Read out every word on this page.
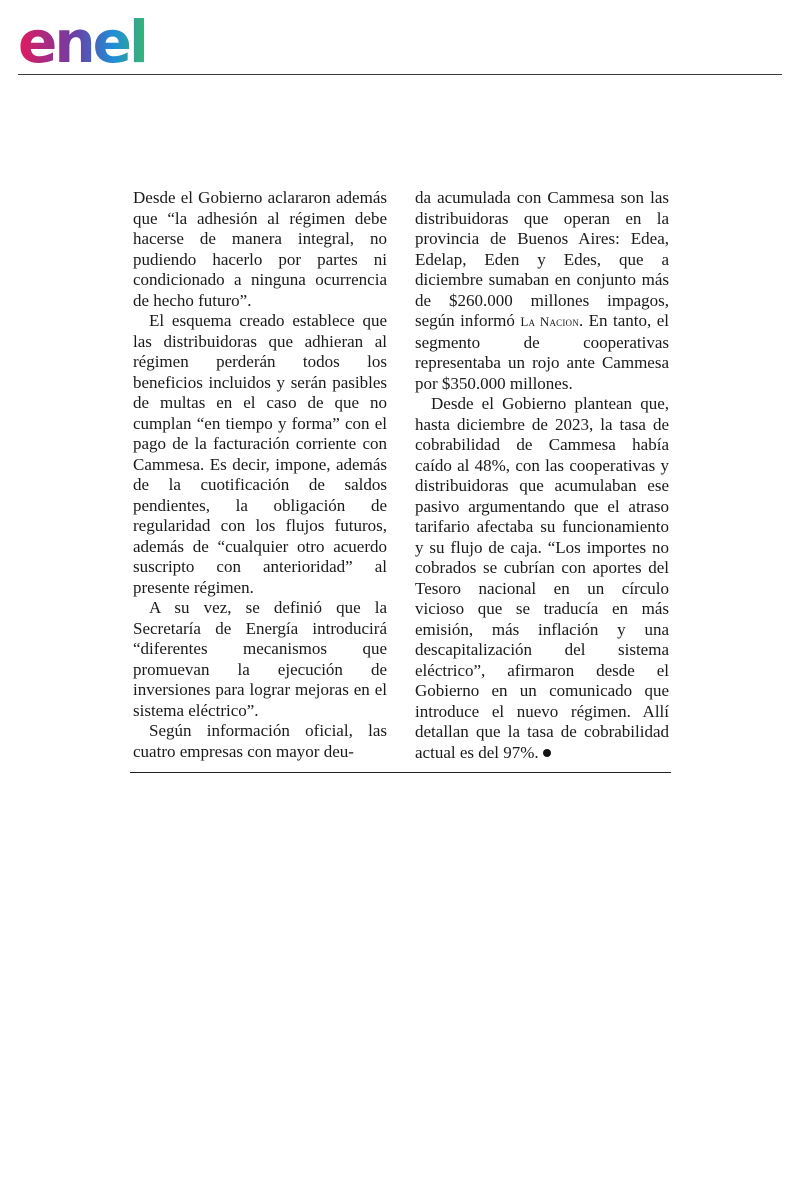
enel

Desde el Gobierno aclararon además que “la adhesión al régimen debe hacerse de manera integral, no pudiendo hacerlo por partes ni condicionado a ninguna ocurrencia de hecho futuro”.

El esquema creado establece que las distribuidoras que adhieran al régimen perderán todos los beneficios incluidos y serán pasibles de multas en el caso de que no cumplan “en tiempo y forma” con el pago de la facturación corriente con Cammesa. Es decir, impone, además de la cuotificación de saldos pendientes, la obligación de regularidad con los flujos futuros, además de “cualquier otro acuerdo suscripto con anterioridad” al presente régimen.

A su vez, se definió que la Secretaría de Energía introducirá “diferentes mecanismos que promuevan la ejecución de inversiones para lograr mejoras en el sistema eléctrico”.

Según información oficial, las cuatro empresas con mayor deu-

da acumulada con Cammesa son las distribuidoras que operan en la provincia de Buenos Aires: Edea, Edelap, Eden y Edes, que a diciembre sumaban en conjunto más de $260.000 millones impagos, según informó La Nacion. En tanto, el segmento de cooperativas representaba un rojo ante Cammesa por $350.000 millones.

Desde el Gobierno plantean que, hasta diciembre de 2023, la tasa de cobrabilidad de Cammesa había caído al 48%, con las cooperativas y distribuidoras que acumulaban ese pasivo argumentando que el atraso tarifario afectaba su funcionamiento y su flujo de caja. “Los importes no cobrados se cubrían con aportes del Tesoro nacional en un círculo vicioso que se traducía en más emisión, más inflación y una descapitalización del sistema eléctrico”, afirmaron desde el Gobierno en un comunicado que introduce el nuevo régimen. Allí detallan que la tasa de cobrabilidad actual es del 97%.
